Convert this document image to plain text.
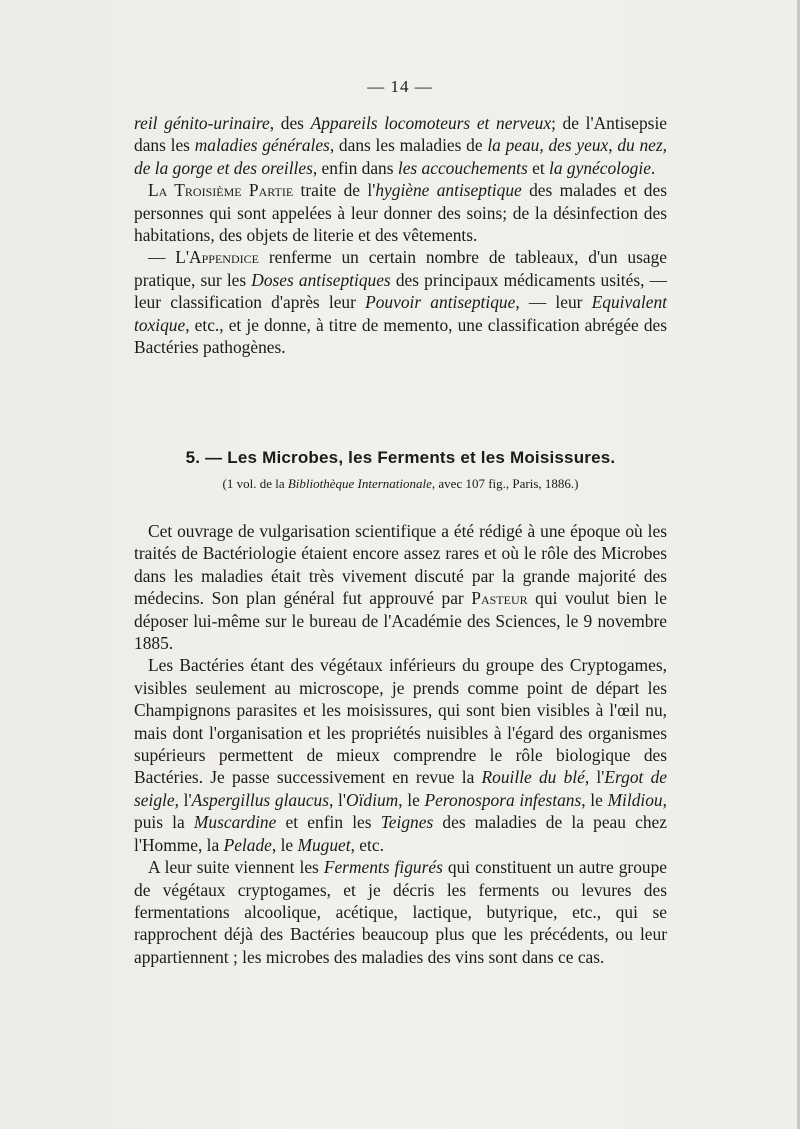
— 14 —

reil génito-urinaire, des Appareils locomoteurs et nerveux; de l'Antisepsie dans les maladies générales, dans les maladies de la peau, des yeux, du nez, de la gorge et des oreilles, enfin dans les accouchements et la gynécologie.

La Troisième Partie traite de l'hygiène antiseptique des malades et des personnes qui sont appelées à leur donner des soins; de la désinfection des habitations, des objets de literie et des vêtements.

— L'Appendice renferme un certain nombre de tableaux, d'un usage pratique, sur les Doses antiseptiques des principaux médicaments usités, — leur classification d'après leur Pouvoir antiseptique, — leur Equivalent toxique, etc., et je donne, à titre de memento, une classification abrégée des Bactéries pathogènes.

5. — Les Microbes, les Ferments et les Moisissures.
(1 vol. de la Bibliothèque Internationale, avec 107 fig., Paris, 1886.)

Cet ouvrage de vulgarisation scientifique a été rédigé à une époque où les traités de Bactériologie étaient encore assez rares et où le rôle des Microbes dans les maladies était très vivement discuté par la grande majorité des médecins. Son plan général fut approuvé par Pasteur qui voulut bien le déposer lui-même sur le bureau de l'Académie des Sciences, le 9 novembre 1885.

Les Bactéries étant des végétaux inférieurs du groupe des Cryptogames, visibles seulement au microscope, je prends comme point de départ les Champignons parasites et les moisissures, qui sont bien visibles à l'œil nu, mais dont l'organisation et les propriétés nuisibles à l'égard des organismes supérieurs permettent de mieux comprendre le rôle biologique des Bactéries. Je passe successivement en revue la Rouille du blé, l'Ergot de seigle, l'Aspergillus glaucus, l'Oïdium, le Peronospora infestans, le Mildiou, puis la Muscardine et enfin les Teignes des maladies de la peau chez l'Homme, la Pelade, le Muguet, etc.

A leur suite viennent les Ferments figurés qui constituent un autre groupe de végétaux cryptogames, et je décris les ferments ou levures des fermentations alcoolique, acétique, lactique, butyrique, etc., qui se rapprochent déjà des Bactéries beaucoup plus que les précédents, ou leur appartiennent ; les microbes des maladies des vins sont dans ce cas.
